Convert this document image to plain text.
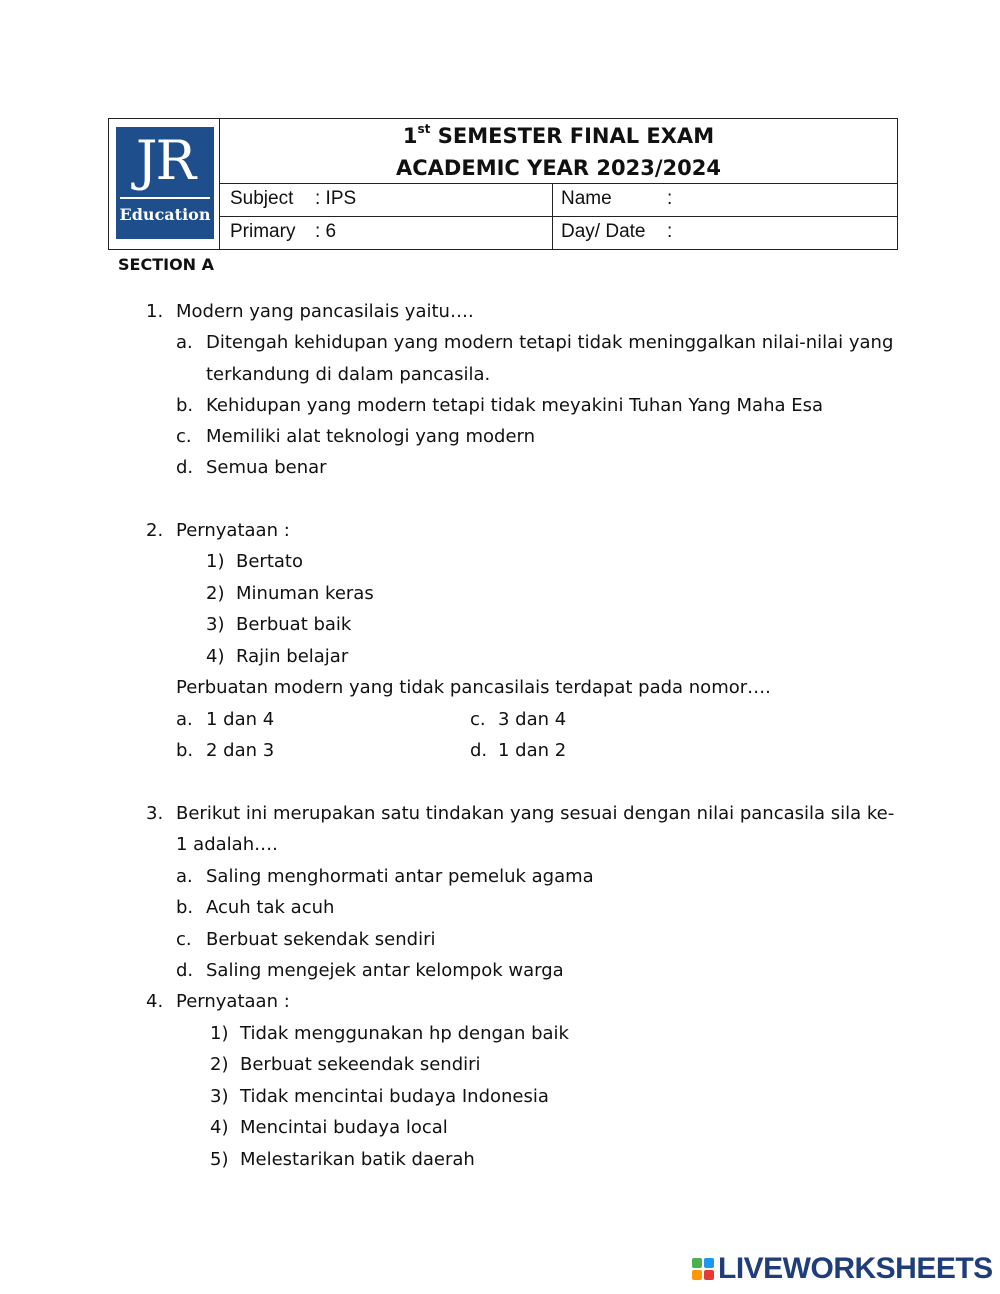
JR
Education
1st SEMESTER FINAL EXAM
ACADEMIC YEAR 2023/2024
Subject : IPS	Name	:
Primary : 6	Day/ Date :
SECTION A
1. Modern yang pancasilais yaitu….
a. Ditengah kehidupan yang modern tetapi tidak meninggalkan nilai-nilai yang
terkandung di dalam pancasila.
b. Kehidupan yang modern tetapi tidak meyakini Tuhan Yang Maha Esa
c. Memiliki alat teknologi yang modern
d. Semua benar
2. Pernyataan :
1) Bertato
2) Minuman keras
3) Berbuat baik
4) Rajin belajar
Perbuatan modern yang tidak pancasilais terdapat pada nomor….
a. 1 dan 4	c. 3 dan 4
b. 2 dan 3	d. 1 dan 2
3. Berikut ini merupakan satu tindakan yang sesuai dengan nilai pancasila sila ke-
1 adalah….
a. Saling menghormati antar pemeluk agama
b. Acuh tak acuh
c. Berbuat sekendak sendiri
d. Saling mengejek antar kelompok warga
4. Pernyataan :
1) Tidak menggunakan hp dengan baik
2) Berbuat sekeendak sendiri
3) Tidak mencintai budaya Indonesia
4) Mencintai budaya local
5) Melestarikan batik daerah
LIVEWORKSHEETS
